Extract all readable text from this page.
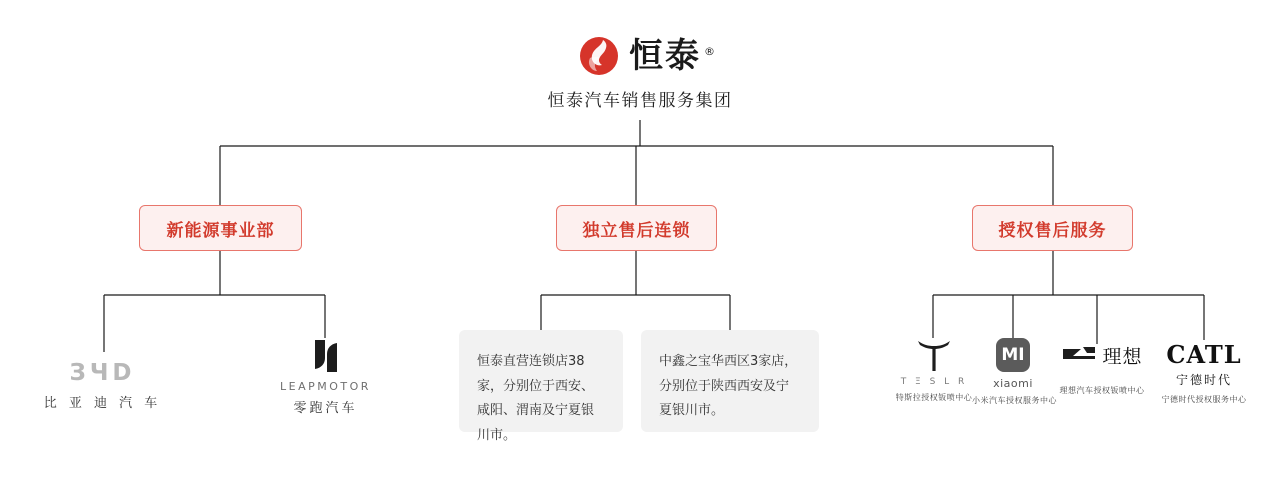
恒泰 ®
恒泰汽车销售服务集团
新能源事业部	独立售后连锁	授权售后服务
恒泰直营连锁店38家，分别位于西安、咸阳、渭南及宁夏银川市。
中鑫之宝华西区3家店，分别位于陕西西安及宁夏银川市。
ЗЧD
比 亚 迪 汽 车
LEAPMOTOR
零跑汽车
T Ξ S L R
特斯拉授权钣喷中心
MI
xiaomi
小米汽车授权服务中心
理想
理想汽车授权钣喷中心
CATL
宁德时代
宁德时代授权服务中心
